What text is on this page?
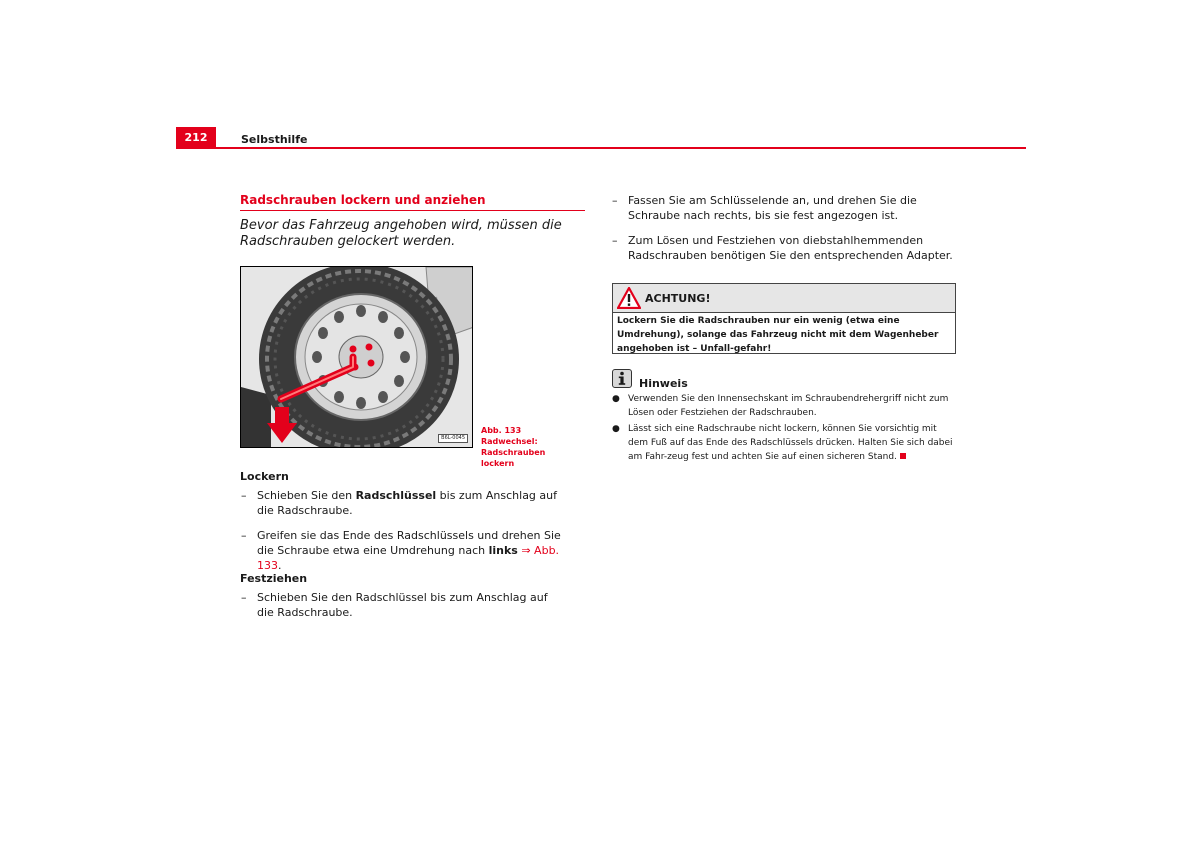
212	Selbsthilfe
Radschrauben lockern und anziehen
Bevor das Fahrzeug angehoben wird, müssen die Radschrauben gelockert werden.
B6L-0045
Abb. 133Radwechsel: Radschrauben lockern
Lockern
– Schieben Sie den Radschlüssel bis zum Anschlag auf die Radschraube.
– Greifen sie das Ende des Radschlüssels und drehen Sie die Schraube etwa eine Umdrehung nach links ⇒ Abb. 133.
Festziehen
– Schieben Sie den Radschlüssel bis zum Anschlag auf die Radschraube.
– Fassen Sie am Schlüsselende an, und drehen Sie die Schraube nach rechts, bis sie fest angezogen ist.
– Zum Lösen und Festziehen von diebstahlhemmenden Radschrauben benötigen Sie den entsprechenden Adapter.
ACHTUNG!
Lockern Sie die Radschrauben nur ein wenig (etwa eine Umdrehung), solange das Fahrzeug nicht mit dem Wagenheber angehoben ist – Unfall-gefahr!
Hinweis
● Verwenden Sie den Innensechskant im Schraubendrehergriff nicht zum Lösen oder Festziehen der Radschrauben.
● Lässt sich eine Radschraube nicht lockern, können Sie vorsichtig mit dem Fuß auf das Ende des Radschlüssels drücken. Halten Sie sich dabei am Fahr-zeug fest und achten Sie auf einen sicheren Stand.
